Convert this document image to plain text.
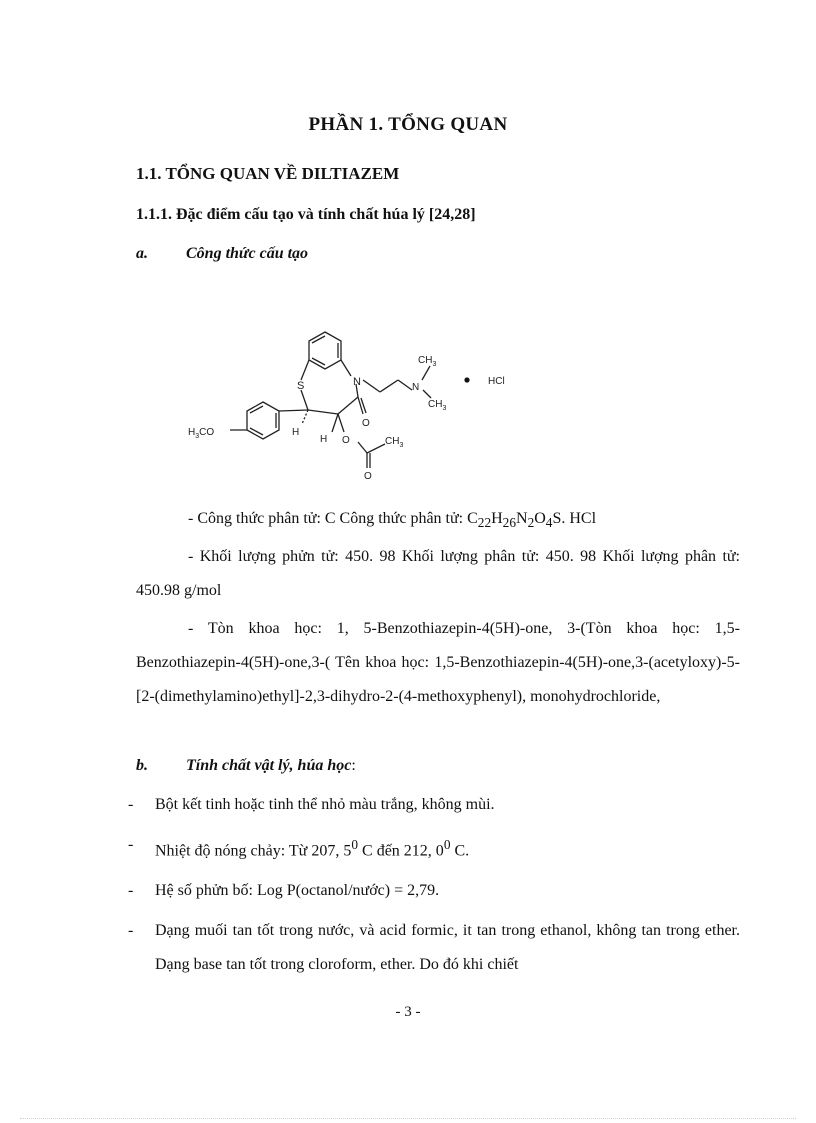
PHẦN 1. TỔNG QUAN
1.1. TỔNG QUAN VỀ DILTIAZEM
1.1.1. Đặc điểm cấu tạo và tính chất húa lý [24,28]
a. Công thức cấu tạo
S	N
$CH_3$
N
$CH_3$
HCl
$H_3CO$	H
H
O
O
O
$CH_3$
- Công thức phân tử: C Công thức phân tử: $C_{22}H_{26}N_2O_4S$. HCl
- Khối lượng phửn tử: 450. 98 Khối lượng phân tử: 450. 98 Khối lượng phân tử: 450.98 g/mol
- Tòn khoa học: 1, 5-Benzothiazepin-4(5H)-one, 3-(Tòn khoa học: 1,5-Benzothiazepin-4(5H)-one,3-( Tên khoa học: 1,5-Benzothiazepin-4(5H)-one,3-(acetyloxy)-5-[2-(dimethylamino)ethyl]-2,3-dihydro-2-(4-methoxyphenyl), monohydrochloride,
b. Tính chất vật lý, húa học:
- Bột kết tinh hoặc tinh thể nhỏ màu trắng, không mùi.
- Nhiệt độ nóng chảy: Từ 207, $5^0$ C đến 212, $0^0$ C.
- Hệ số phửn bố: Log P(octanol/nước) = 2,79.
- Dạng muối tan tốt trong nước, và acid formic, it tan trong ethanol, không tan trong ether. Dạng base tan tốt trong cloroform, ether. Do đó khi chiết
- 3 -
